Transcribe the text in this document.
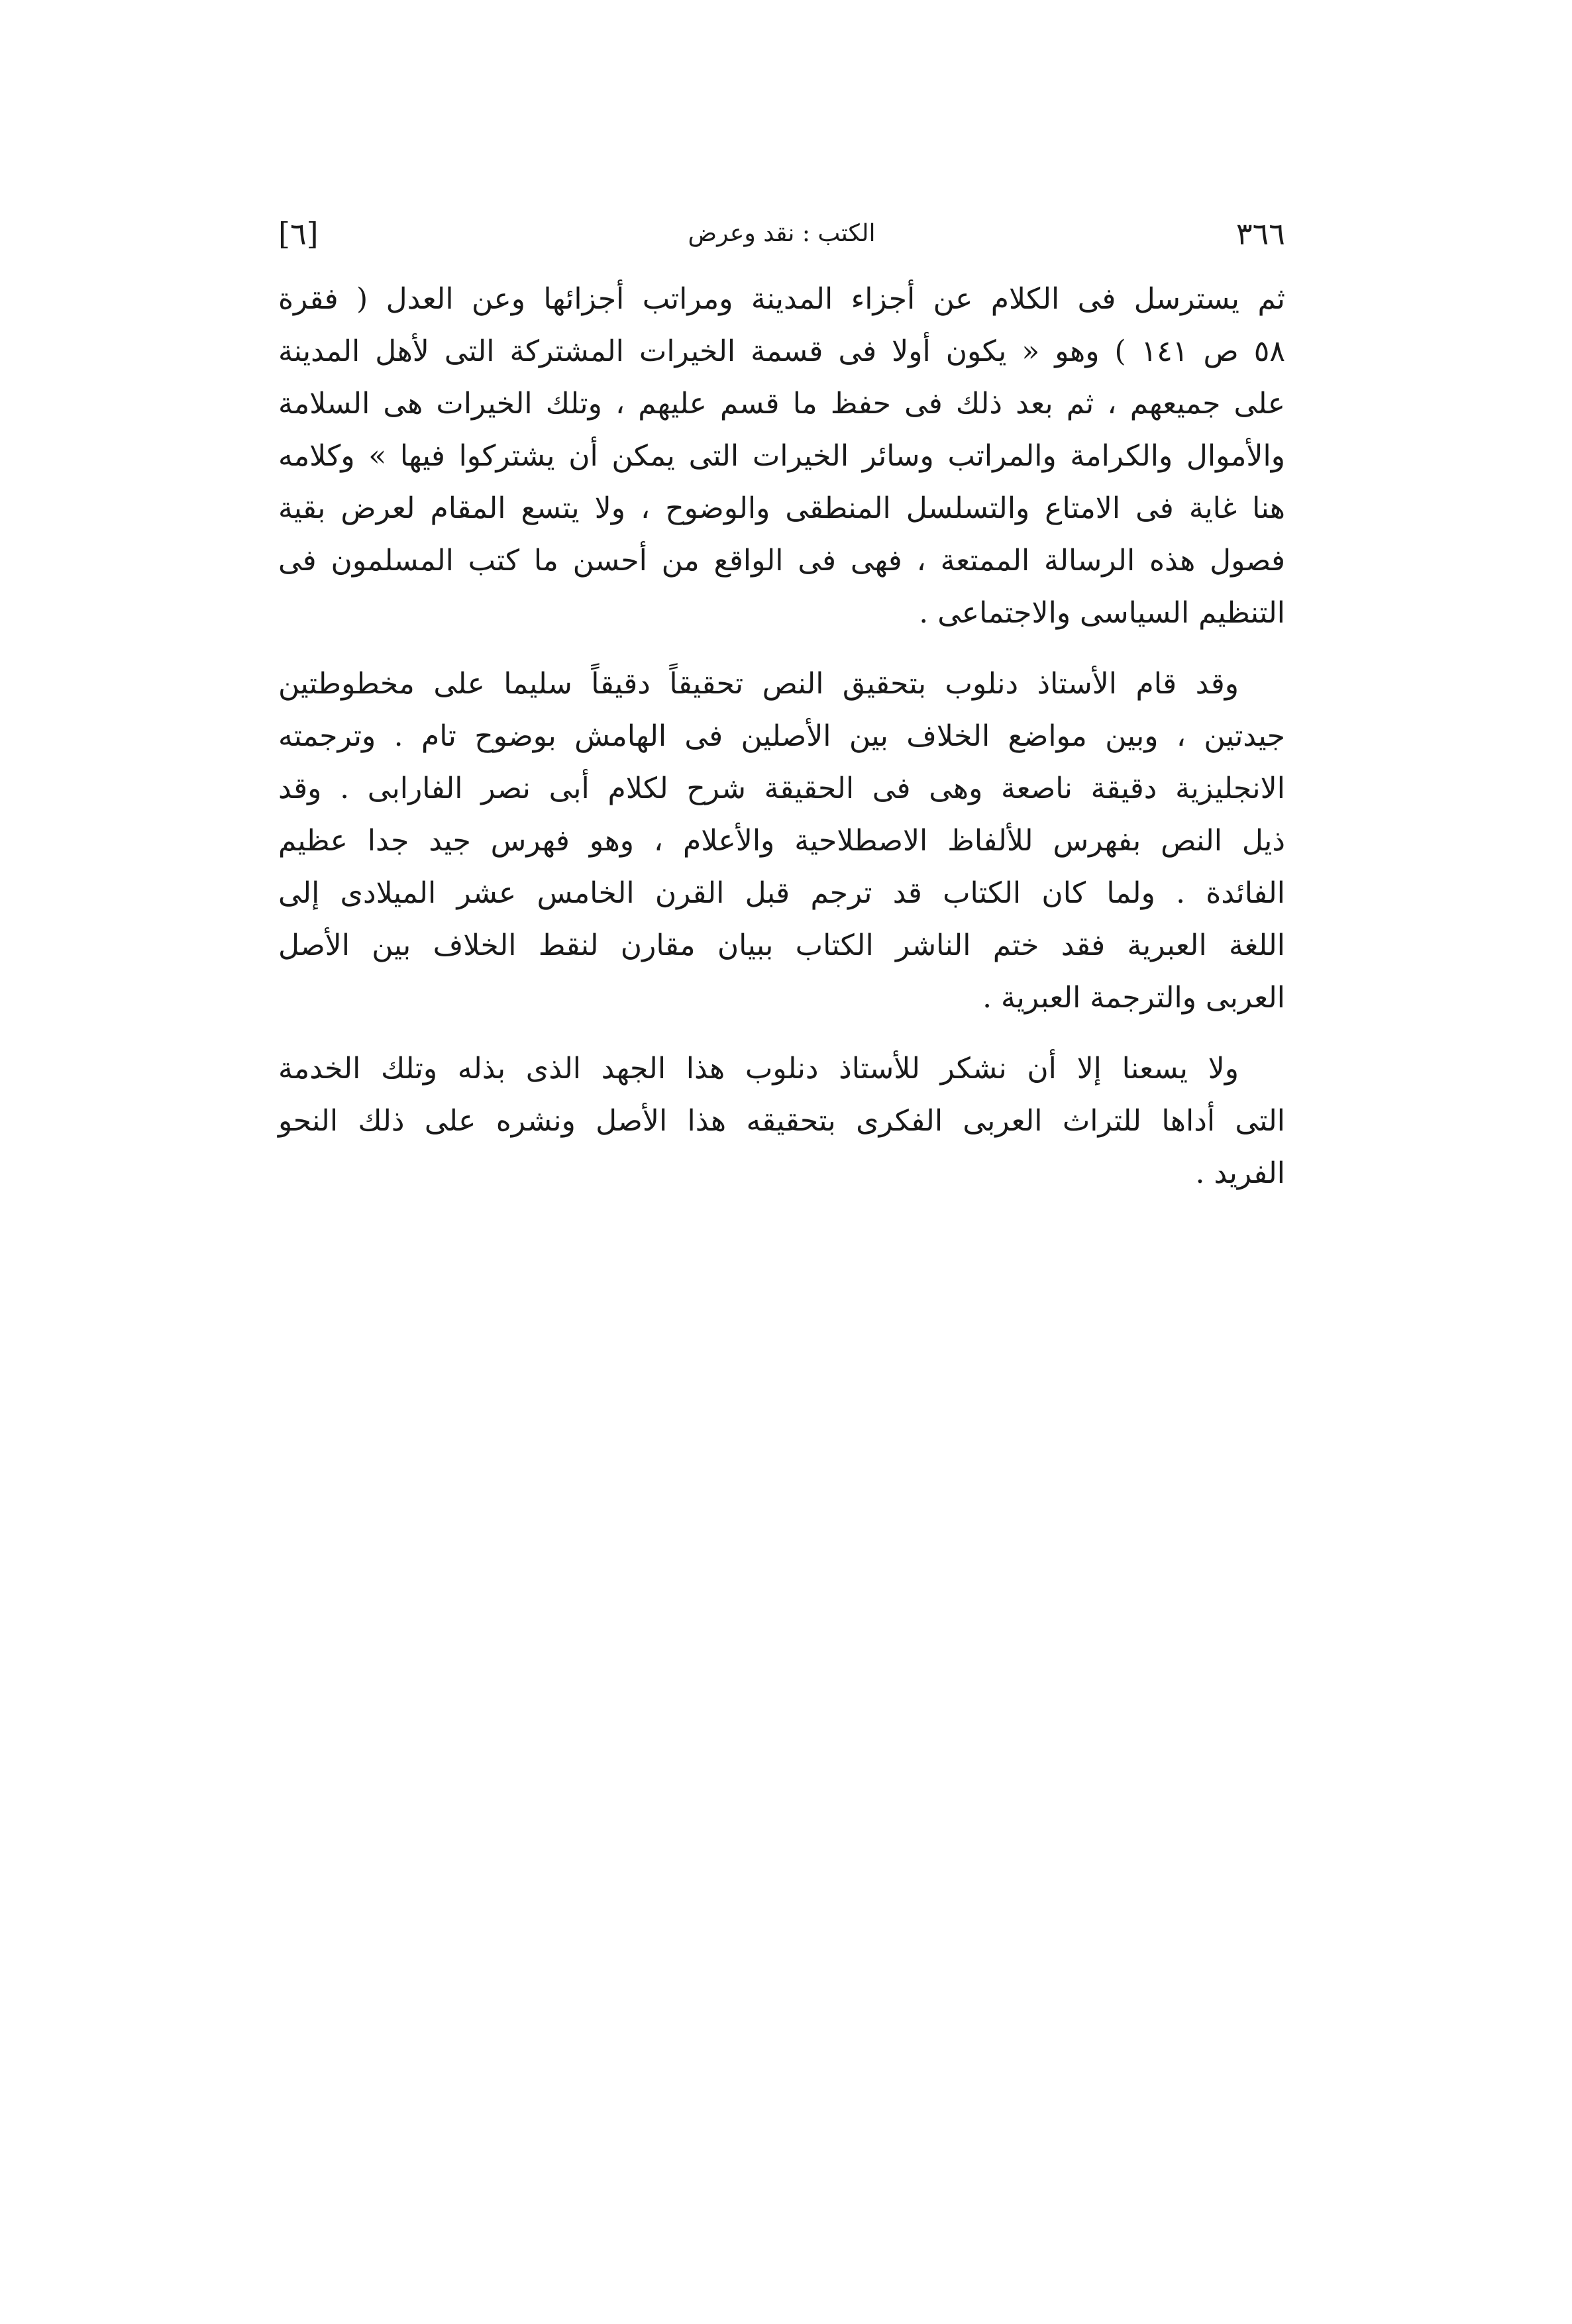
٣٦٦
الكتب : نقد وعرض
[٦]
ثم يسترسل فى الكلام عن أجزاء المدينة ومراتب أجزائها وعن العدل ( فقرة
٥٨ ص ١٤١ ) وهو « يكون أولا فى قسمة الخيرات المشتركة التى لأهل المدينة
على جميعهم ، ثم بعد ذلك فى حفظ ما قسم عليهم ، وتلك الخيرات هى السلامة
والأموال والكرامة والمراتب وسائر الخيرات التى يمكن أن يشتركوا فيها » وكلامه
هنا غاية فى الامتاع والتسلسل المنطقى والوضوح ، ولا يتسع المقام لعرض بقية
فصول هذه الرسالة الممتعة ، فهى فى الواقع من أحسن ما كتب المسلمون فى
التنظيم السياسى والاجتماعى .
وقد قام الأستاذ دنلوب بتحقيق النص تحقيقاً دقيقاً سليما على مخطوطتين
جيدتين ، وبين مواضع الخلاف بين الأصلين فى الهامش بوضوح تام . وترجمته
الانجليزية دقيقة ناصعة وهى فى الحقيقة شرح لكلام أبى نصر الفارابى . وقد
ذيل النص بفهرس للألفاظ الاصطلاحية والأعلام ، وهو فهرس جيد جدا عظيم
الفائدة . ولما كان الكتاب قد ترجم قبل القرن الخامس عشر الميلادى إلى
اللغة العبرية فقد ختم الناشر الكتاب ببيان مقارن لنقط الخلاف بين الأصل
العربى والترجمة العبرية .
ولا يسعنا إلا أن نشكر للأستاذ دنلوب هذا الجهد الذى بذله وتلك الخدمة
التى أداها للتراث العربى الفكرى بتحقيقه هذا الأصل ونشره على ذلك النحو
الفريد .
